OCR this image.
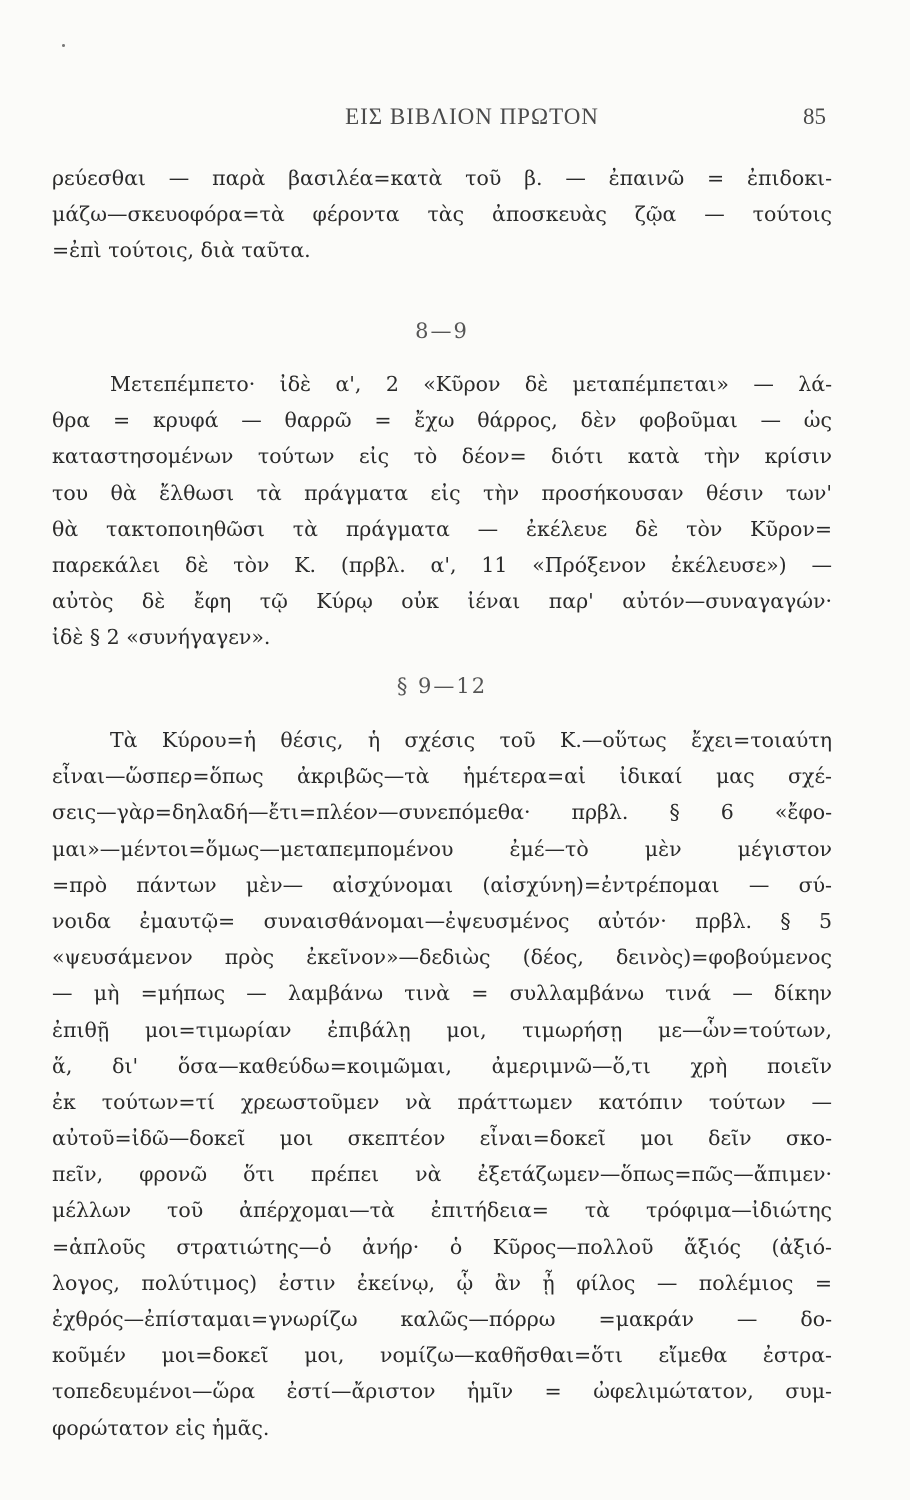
ΕΙΣ ΒΙΒΛΙΟΝ ΠΡΩΤΟΝ	85
ρεύεσθαι — παρὰ βασιλέα=κατὰ τοῦ β. — ἐπαινῶ = ἐπιδοκι-
μάζω—σκευοφόρα=τὰ φέροντα τὰς ἀποσκευὰς ζῷα — τούτοις
=ἐπὶ τούτοις, διὰ ταῦτα.
8—9
Μετεπέμπετο· ἰδὲ α', 2 «Κῦρον δὲ μεταπέμπεται» — λά-
θρα = κρυφά — θαρρῶ = ἔχω θάρρος, δὲν φοβοῦμαι — ὡς
καταστησομένων τούτων εἰς τὸ δέον= διότι κατὰ τὴν κρίσιν
του θὰ ἔλθωσι τὰ πράγματα εἰς τὴν προσήκουσαν θέσιν των'
θὰ τακτοποιηθῶσι τὰ πράγματα — ἐκέλευε δὲ τὸν Κῦρον=
παρεκάλει δὲ τὸν Κ. (πρβλ. α', 11 «Πρόξενον ἐκέλευσε») —
αὐτὸς δὲ ἔφη τῷ Κύρῳ οὐκ ἰέναι παρ' αὐτόν—συναγαγών·
ἰδὲ § 2 «συνήγαγεν».
§ 9—12
Τὰ Κύρου=ἡ θέσις, ἡ σχέσις τοῦ Κ.—οὕτως ἔχει=τοιαύτη
εἶναι—ὥσπερ=ὅπως ἀκριβῶς—τὰ ἡμέτερα=αἱ ἰδικαί μας σχέ-
σεις—γὰρ=δηλαδή—ἔτι=πλέον—συνεπόμεθα· πρβλ. § 6 «ἔφο-
μαι»—μέντοι=ὅμως—μεταπεμπομένου ἐμέ—τὸ μὲν μέγιστον
=πρὸ πάντων μὲν— αἰσχύνομαι (αἰσχύνη)=ἐντρέπομαι — σύ-
νοιδα ἐμαυτῷ= συναισθάνομαι—ἐψευσμένος αὐτόν· πρβλ. § 5
«ψευσάμενον πρὸς ἐκεῖνον»—δεδιὼς (δέος, δεινὸς)=φοβούμενος
— μὴ =μήπως — λαμβάνω τινὰ = συλλαμβάνω τινά — δίκην
ἐπιθῇ μοι=τιμωρίαν ἐπιβάλῃ μοι, τιμωρήσῃ με—ὧν=τούτων,
ἅ, δι' ὅσα—καθεύδω=κοιμῶμαι, ἀμεριμνῶ—ὅ,τι χρὴ ποιεῖν
ἐκ τούτων=τί χρεωστοῦμεν νὰ πράττωμεν κατόπιν τούτων —
αὐτοῦ=ἰδῶ—δοκεῖ μοι σκεπτέον εἶναι=δοκεῖ μοι δεῖν σκο-
πεῖν, φρονῶ ὅτι πρέπει νὰ ἐξετάζωμεν—ὅπως=πῶς—ἄπιμεν·
μέλλων τοῦ ἀπέρχομαι—τὰ ἐπιτήδεια= τὰ τρόφιμα—ἰδιώτης
=ἁπλοῦς στρατιώτης—ὁ ἀνήρ· ὁ Κῦρος—πολλοῦ ἄξιός (ἀξιό-
λογος, πολύτιμος) ἐστιν ἐκείνῳ, ᾧ ἂν ᾖ φίλος — πολέμιος =
ἐχθρός—ἐπίσταμαι=γνωρίζω καλῶς—πόρρω =μακράν — δο-
κοῦμέν μοι=δοκεῖ μοι, νομίζω—καθῆσθαι=ὅτι εἴμεθα ἐστρα-
τοπεδευμένοι—ὥρα ἐστί—ἄριστον ἡμῖν = ὠφελιμώτατον, συμ-
φορώτατον εἰς ἡμᾶς.
